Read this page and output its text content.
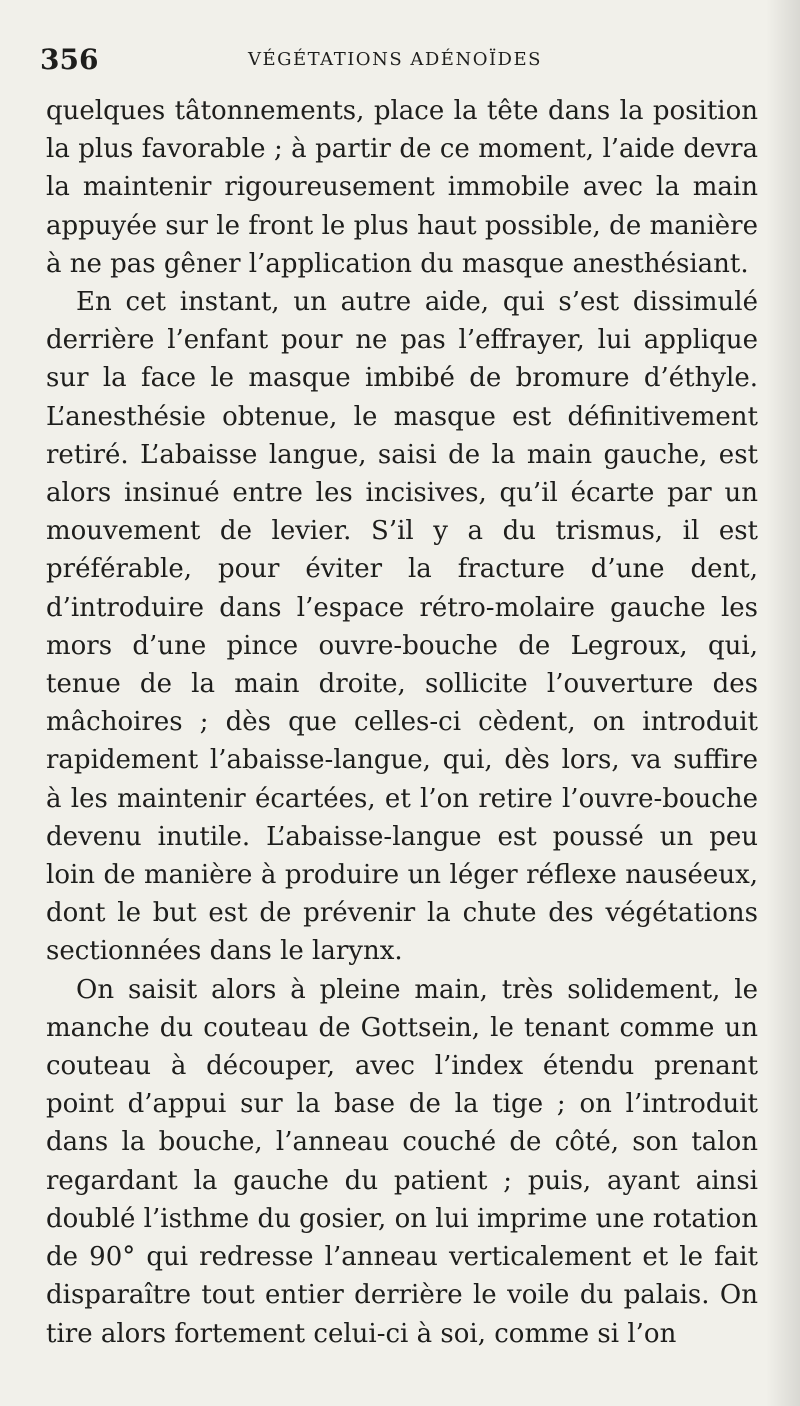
356	VÉGÉTATIONS ADÉNOÏDES

quelques tâtonnements, place la tête dans la position la plus favorable ; à partir de ce moment, l’aide devra la maintenir rigoureusement immobile avec la main appuyée sur le front le plus haut possible, de manière à ne pas gêner l’application du masque anesthésiant.

En cet instant, un autre aide, qui s’est dissimulé derrière l’enfant pour ne pas l’effrayer, lui applique sur la face le masque imbibé de bromure d’éthyle. L’anesthésie obtenue, le masque est définitivement retiré. L’abaisse langue, saisi de la main gauche, est alors insinué entre les incisives, qu’il écarte par un mouvement de levier. S’il y a du trismus, il est préférable, pour éviter la fracture d’une dent, d’introduire dans l’espace rétro-molaire gauche les mors d’une pince ouvre-bouche de Legroux, qui, tenue de la main droite, sollicite l’ouverture des mâchoires ; dès que celles-ci cèdent, on introduit rapidement l’abaisse-langue, qui, dès lors, va suffire à les maintenir écartées, et l’on retire l’ouvre-bouche devenu inutile. L’abaisse-langue est poussé un peu loin de manière à produire un léger réflexe nauséeux, dont le but est de prévenir la chute des végétations sectionnées dans le larynx.

On saisit alors à pleine main, très solidement, le manche du couteau de Gottsein, le tenant comme un couteau à découper, avec l’index étendu prenant point d’appui sur la base de la tige ; on l’introduit dans la bouche, l’anneau couché de côté, son talon regardant la gauche du patient ; puis, ayant ainsi doublé l’isthme du gosier, on lui imprime une rotation de 90° qui redresse l’anneau verticalement et le fait disparaître tout entier derrière le voile du palais. On tire alors fortement celui-ci à soi, comme si l’on
